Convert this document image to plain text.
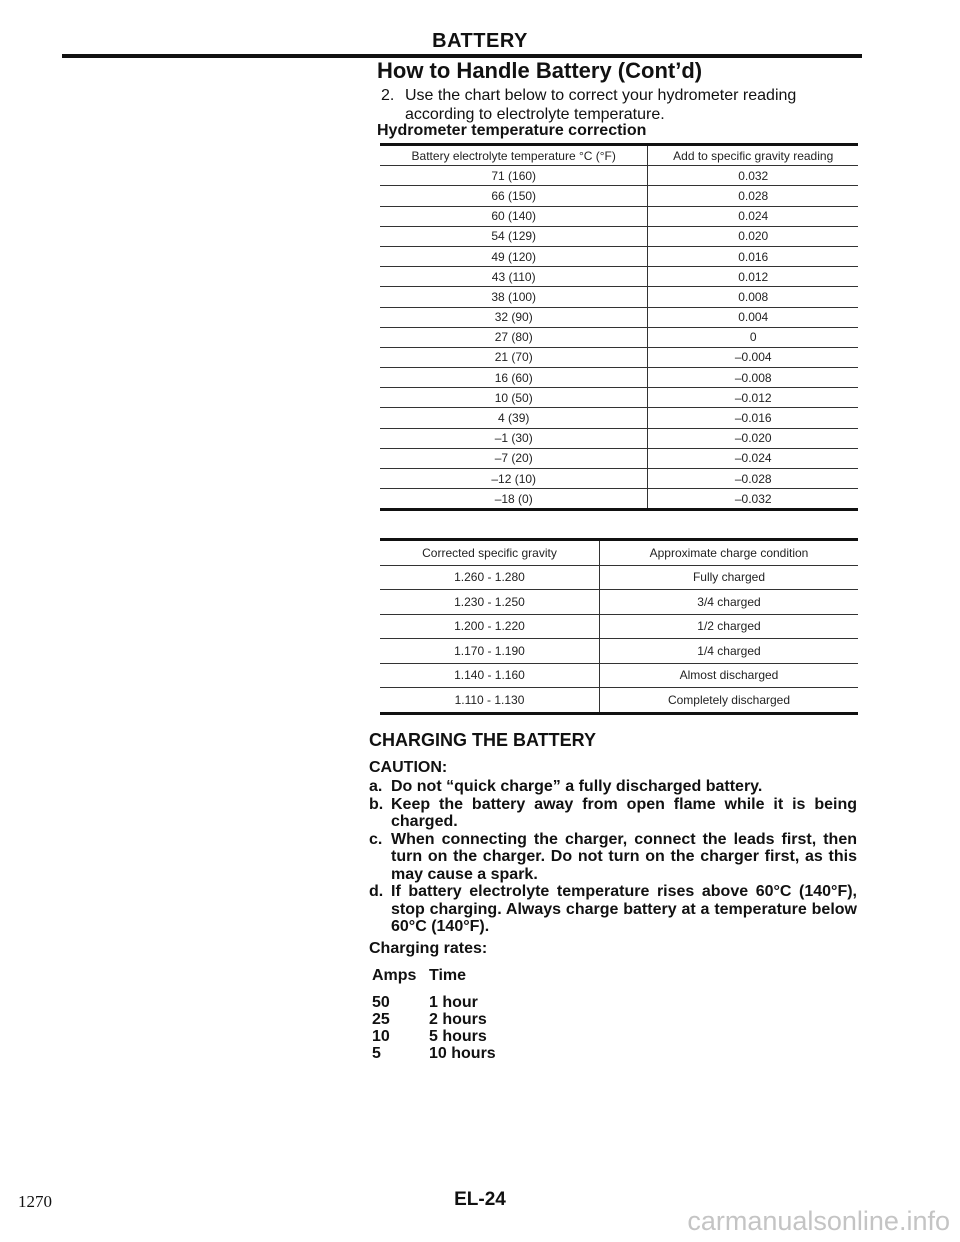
BATTERY
How to Handle Battery (Cont’d)
2. Use the chart below to correct your hydrometer reading
according to electrolyte temperature.
Hydrometer temperature correction
Battery electrolyte temperature °C (°F)	Add to specific gravity reading
71 (160)	0.032
66 (150)	0.028
60 (140)	0.024
54 (129)	0.020
49 (120)	0.016
43 (110)	0.012
38 (100)	0.008
32 (90)	0.004
27 (80)	0
21 (70)	–0.004
16 (60)	–0.008
10 (50)	–0.012
4 (39)	–0.016
–1 (30)	–0.020
–7 (20)	–0.024
–12 (10)	–0.028
–18 (0)	–0.032
Corrected specific gravity	Approximate charge condition
1.260 - 1.280	Fully charged
1.230 - 1.250	3/4 charged
1.200 - 1.220	1/2 charged
1.170 - 1.190	1/4 charged
1.140 - 1.160	Almost discharged
1.110 - 1.130	Completely discharged
CHARGING THE BATTERY
CAUTION:
a. Do not “quick charge” a fully discharged battery.
b. Keep the battery away from open flame while it is being charged.
c. When connecting the charger, connect the leads first, then turn on the charger. Do not turn on the charger first, as this may cause a spark.
d. If battery electrolyte temperature rises above 60°C (140°F), stop charging. Always charge battery at a temperature below 60°C (140°F).
Charging rates:
Amps Time
50	1 hour
25	2 hours
10	5 hours
5	10 hours
1270	EL-24
carmanualsonline.info
